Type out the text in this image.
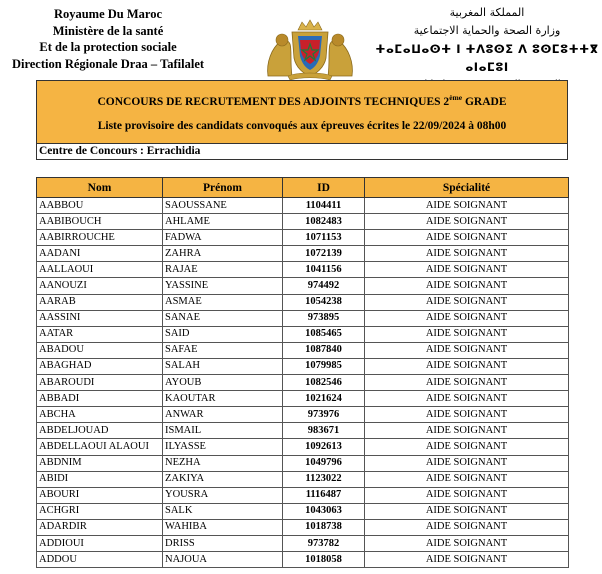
Royaume Du Maroc
Ministère de la santé
Et de la protection sociale
Direction Régionale Draa – Tafilalet
المملكة المغربية
وزارة الصحة والحماية الاجتماعية
ⵜⴰⵎⴰⵡⴰⵙⵜ ⵏ ⵜⴷⵓⵙⵉ ⴷ ⵓⵙⵎⵓⵜⵜⴳ ⴰⵏⴰⵎⵓⵏ
CONCOURS DE RECRUTEMENT DES ADJOINTS TECHNIQUES 2ème GRADE
Liste provisoire des candidats convoqués aux épreuves écrites le 22/09/2024 à 08h00
Centre de Concours : Errachidia
Nom	Prénom	ID	Spécialité
AABBOU	SAOUSSANE	1104411	AIDE SOIGNANT
AABIBOUCH	AHLAME	1082483	AIDE SOIGNANT
AABIRROUCHE	FADWA	1071153	AIDE SOIGNANT
AADANI	ZAHRA	1072139	AIDE SOIGNANT
AALLAOUI	RAJAE	1041156	AIDE SOIGNANT
AANOUZI	YASSINE	974492	AIDE SOIGNANT
AARAB	ASMAE	1054238	AIDE SOIGNANT
AASSINI	SANAE	973895	AIDE SOIGNANT
AATAR	SAID	1085465	AIDE SOIGNANT
ABADOU	SAFAE	1087840	AIDE SOIGNANT
ABAGHAD	SALAH	1079985	AIDE SOIGNANT
ABAROUDI	AYOUB	1082546	AIDE SOIGNANT
ABBADI	KAOUTAR	1021624	AIDE SOIGNANT
ABCHA	ANWAR	973976	AIDE SOIGNANT
ABDELJOUAD	ISMAIL	983671	AIDE SOIGNANT
ABDELLAOUI ALAOUI	ILYASSE	1092613	AIDE SOIGNANT
ABDNIM	NEZHA	1049796	AIDE SOIGNANT
ABIDI	ZAKIYA	1123022	AIDE SOIGNANT
ABOURI	YOUSRA	1116487	AIDE SOIGNANT
ACHGRI	SALK	1043063	AIDE SOIGNANT
ADARDIR	WAHIBA	1018738	AIDE SOIGNANT
ADDIOUI	DRISS	973782	AIDE SOIGNANT
ADDOU	NAJOUA	1018058	AIDE SOIGNANT
